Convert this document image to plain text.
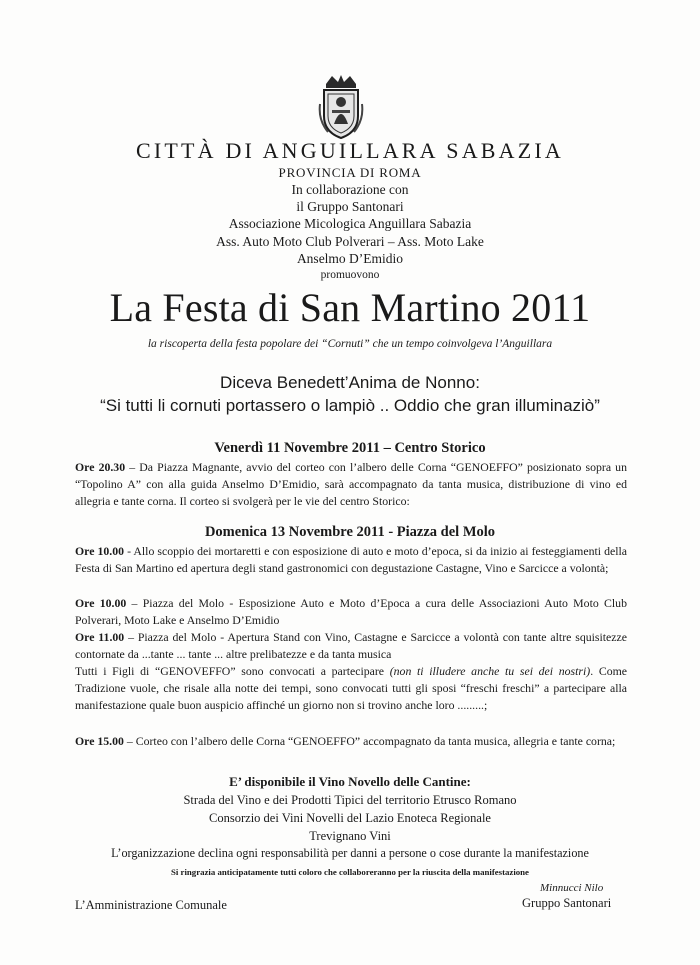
CITTÀ DI ANGUILLARA SABAZIA
PROVINCIA DI ROMA
In collaborazione con
il Gruppo Santonari
Associazione Micologica Anguillara Sabazia
Ass. Auto Moto Club Polverari – Ass. Moto Lake
Anselmo D’Emidio
promuovono
La Festa di San Martino 2011
la riscoperta della festa popolare dei “Cornuti” che un tempo coinvolgeva l’Anguillara
Diceva Benedett’Anima de Nonno:
“Si tutti li cornuti portassero o lampiò .. Oddio che gran illuminaziò”
Venerdì 11 Novembre 2011 – Centro Storico
Ore 20.30 – Da Piazza Magnante, avvio del corteo con l’albero delle Corna “GENOEFFO” posizionato sopra un “Topolino A” con alla guida Anselmo D’Emidio, sarà accompagnato da tanta musica, distribuzione di vino ed allegria e tante corna. Il corteo si svolgerà per le vie del centro Storico:
Domenica 13 Novembre 2011 - Piazza del Molo
Ore 10.00 - Allo scoppio dei mortaretti e con esposizione di auto e moto d’epoca, si da inizio ai festeggiamenti della Festa di San Martino ed apertura degli stand gastronomici con degustazione Castagne, Vino e Sarcicce a volontà;
Ore 10.00 – Piazza del Molo - Esposizione Auto e Moto d’Epoca a cura delle Associazioni Auto Moto Club Polverari, Moto Lake e Anselmo D’Emidio
Ore 11.00 – Piazza del Molo - Apertura Stand con Vino, Castagne e Sarcicce a volontà con tante altre squisitezze contornate da ...tante ... tante ... altre prelibatezze e da tanta musica
Tutti i Figli di “GENOVEFFO” sono convocati a partecipare (non ti illudere anche tu sei dei nostri). Come Tradizione vuole, che risale alla notte dei tempi, sono convocati tutti gli sposi “freschi freschi” a partecipare alla manifestazione quale buon auspicio affinché un giorno non si trovino anche loro .........;
Ore 15.00 – Corteo con l’albero delle Corna “GENOEFFO” accompagnato da tanta musica, allegria e tante corna;
E’ disponibile il Vino Novello delle Cantine:
Strada del Vino e dei Prodotti Tipici del territorio Etrusco Romano
Consorzio dei Vini Novelli del Lazio Enoteca Regionale
Trevignano Vini
L’organizzazione declina ogni responsabilità per danni a persone o cose durante la manifestazione
Si ringrazia anticipatamente tutti coloro che collaboreranno per la riuscita della manifestazione
Minnucci Nilo
L’Amministrazione Comunale	Gruppo Santonari
